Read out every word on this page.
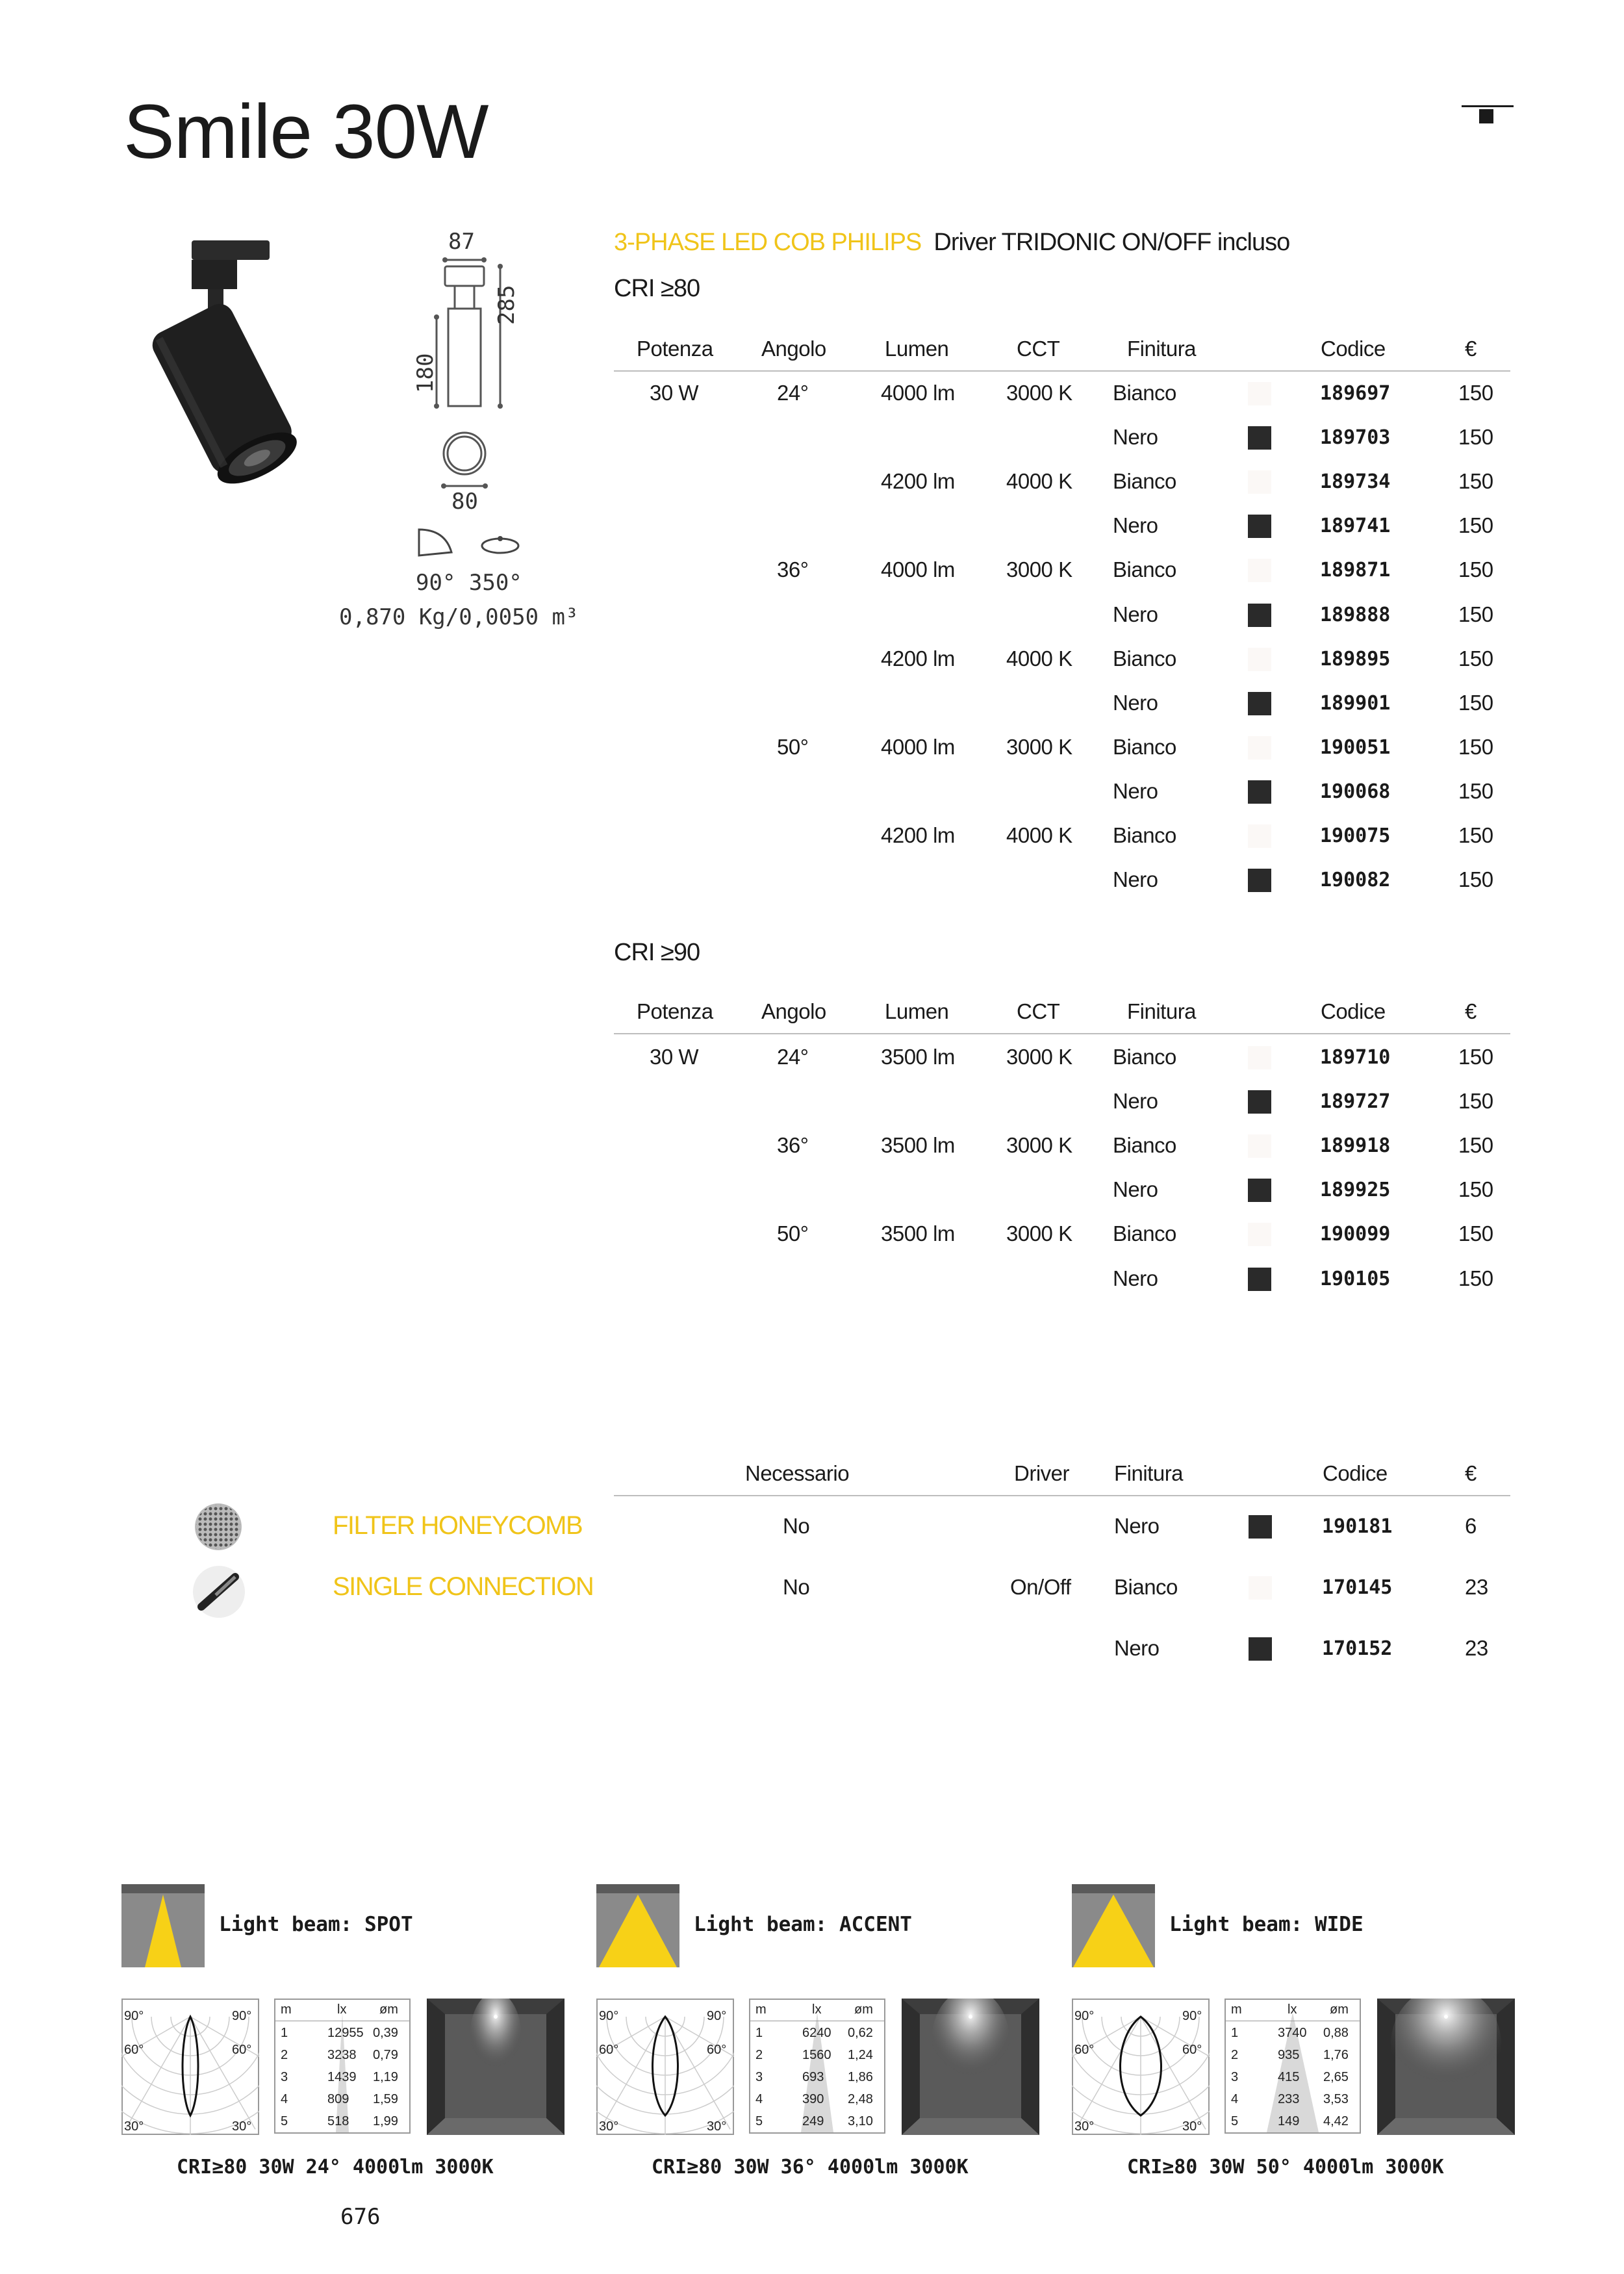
Smile 30W
87
285
180
80
90° 350°
0,870 Kg/0,0050 m³
3-PHASE LED COB PHILIPS Driver TRIDONIC ON/OFF incluso
CRI ≥80
Potenza Angolo	Lumen	CCT	Finitura	Codice	€
30 W	24°	4000 lm 3000 K Bianco	189697	150
Nero	189703	150
4200 lm 4000 K Bianco	189734	150
Nero	189741	150
36°	4000 lm 3000 K Bianco	189871	150
Nero	189888	150
4200 lm 4000 K Bianco	189895	150
Nero	189901	150
50°	4000 lm 3000 K Bianco	190051	150
Nero	190068	150
4200 lm 4000 K Bianco	190075	150
Nero	190082	150
CRI ≥90
Potenza Angolo	Lumen	CCT	Finitura	Codice	€
30 W	24°	3500 lm 3000 K Bianco	189710	150
Nero	189727	150
36°	3500 lm 3000 K Bianco	189918	150
Nero	189925	150
50°	3500 lm 3000 K Bianco	190099	150
Nero	190105	150
Necessario	Driver Finitura	Codice	€
FILTER HONEYCOMB	No	Nero	190181	6
SINGLE CONNECTION	No	On/Off Bianco	170145	23
Nero	170152	23
Light beam: SPOT
90°	90°
60°	60°
30°	30°
m	lx	øm
1	12955 0,39
2	3238 0,79
3	1439 1,19
4	809 1,59
5	518 1,99
CRI≥80 30W 24° 4000lm 3000K
Light beam: ACCENT
90°	90°
60°	60°
30°	30°
m	lx	øm
1	6240 0,62
2	1560 1,24
3	693 1,86
4	390 2,48
5	249 3,10
CRI≥80 30W 36° 4000lm 3000K
Light beam: WIDE
90°	90°
60°	60°
30°	30°
m	lx	øm
1	3740 0,88
2	935 1,76
3	415 2,65
4	233 3,53
5	149 4,42
CRI≥80 30W 50° 4000lm 3000K
676
